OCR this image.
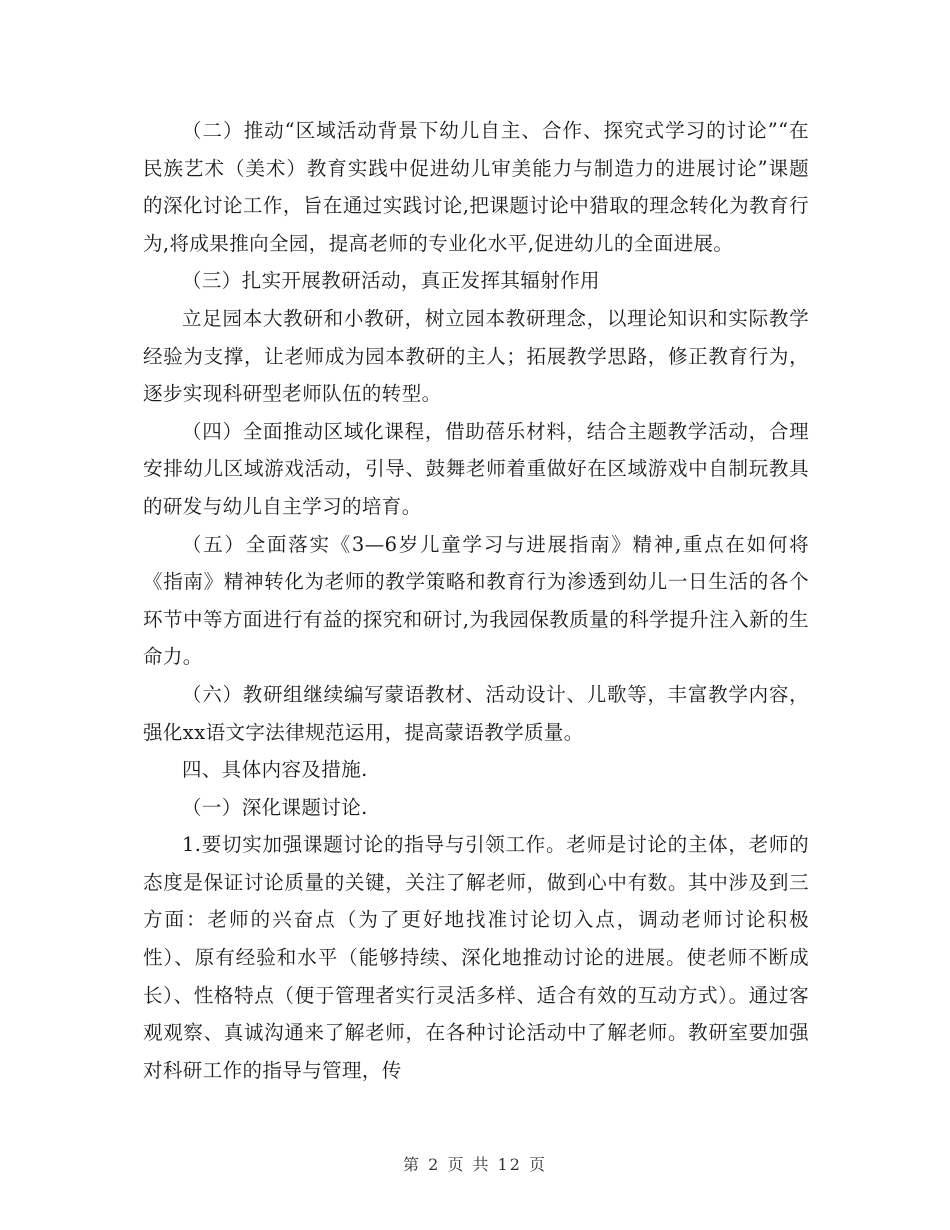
（二）推动“区域活动背景下幼儿自主、合作、探究式学习的讨论”“在民族艺术（美术）教育实践中促进幼儿审美能力与制造力的进展讨论”课题的深化讨论工作，旨在通过实践讨论,把课题讨论中猎取的理念转化为教育行为,将成果推向全园，提高老师的专业化水平,促进幼儿的全面进展。

（三）扎实开展教研活动，真正发挥其辐射作用

立足园本大教研和小教研，树立园本教研理念，以理论知识和实际教学经验为支撑，让老师成为园本教研的主人；拓展教学思路，修正教育行为，逐步实现科研型老师队伍的转型。

（四）全面推动区域化课程，借助蓓乐材料，结合主题教学活动，合理安排幼儿区域游戏活动，引导、鼓舞老师着重做好在区域游戏中自制玩教具的研发与幼儿自主学习的培育。

（五）全面落实《3—6岁儿童学习与进展指南》精神,重点在如何将《指南》精神转化为老师的教学策略和教育行为渗透到幼儿一日生活的各个环节中等方面进行有益的探究和研讨,为我园保教质量的科学提升注入新的生命力。

（六）教研组继续编写蒙语教材、活动设计、儿歌等，丰富教学内容，强化xx语文字法律规范运用，提高蒙语教学质量。

四、具体内容及措施.

（一）深化课题讨论.

1.要切实加强课题讨论的指导与引领工作。老师是讨论的主体，老师的态度是保证讨论质量的关键，关注了解老师，做到心中有数。其中涉及到三方面：老师的兴奋点（为了更好地找准讨论切入点，调动老师讨论积极性）、原有经验和水平（能够持续、深化地推动讨论的进展。使老师不断成长）、性格特点（便于管理者实行灵活多样、适合有效的互动方式）。通过客观观察、真诚沟通来了解老师，在各种讨论活动中了解老师。教研室要加强对科研工作的指导与管理，传

第 2 页 共 12 页
